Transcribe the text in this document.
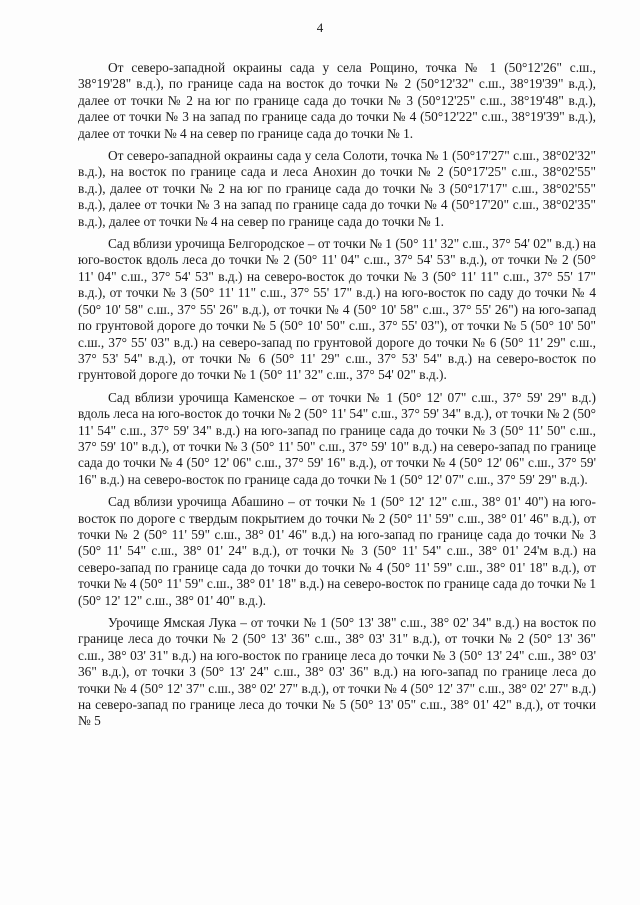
4

От северо-западной окраины сада у села Рощино, точка № 1 (50°12'26" с.ш., 38°19'28" в.д.), по границе сада на восток до точки № 2 (50°12'32" с.ш., 38°19'39" в.д.), далее от точки № 2 на юг по границе сада до точки № 3 (50°12'25" с.ш., 38°19'48" в.д.), далее от точки № 3 на запад по границе сада до точки № 4 (50°12'22" с.ш., 38°19'39" в.д.), далее от точки № 4 на север по границе сада до точки № 1.

От северо-западной окраины сада у села Солоти, точка № 1 (50°17'27" с.ш., 38°02'32" в.д.), на восток по границе сада и леса Анохин до точки № 2 (50°17'25" с.ш., 38°02'55" в.д.), далее от точки № 2 на юг по границе сада до точки № 3 (50°17'17" с.ш., 38°02'55" в.д.), далее от точки № 3 на запад по границе сада до точки № 4 (50°17'20" с.ш., 38°02'35" в.д.), далее от точки № 4 на север по границе сада до точки № 1.

Сад вблизи урочища Белгородское – от точки № 1 (50° 11' 32" с.ш., 37° 54' 02" в.д.) на юго-восток вдоль леса до точки № 2 (50° 11' 04" с.ш., 37° 54' 53" в.д.), от точки № 2 (50° 11' 04" с.ш., 37° 54' 53" в.д.) на северо-восток до точки № 3 (50° 11' 11" с.ш., 37° 55' 17" в.д.), от точки № 3 (50° 11' 11" с.ш., 37° 55' 17" в.д.) на юго-восток по саду до точки № 4 (50° 10' 58" с.ш., 37° 55' 26" в.д.), от точки № 4 (50° 10' 58" с.ш., 37° 55' 26") на юго-запад по грунтовой дороге до точки № 5 (50° 10' 50" с.ш., 37° 55' 03"), от точки № 5 (50° 10' 50" с.ш., 37° 55' 03" в.д.) на северо-запад по грунтовой дороге до точки № 6 (50° 11' 29" с.ш., 37° 53' 54" в.д.), от точки № 6 (50° 11' 29" с.ш., 37° 53' 54" в.д.) на северо-восток по грунтовой дороге до точки № 1 (50° 11' 32" с.ш., 37° 54' 02" в.д.).

Сад вблизи урочища Каменское – от точки № 1 (50° 12' 07" с.ш., 37° 59' 29" в.д.) вдоль леса на юго-восток до точки № 2 (50° 11' 54" с.ш., 37° 59' 34" в.д.), от точки № 2 (50° 11' 54" с.ш., 37° 59' 34" в.д.) на юго-запад по границе сада до точки № 3 (50° 11' 50" с.ш., 37° 59' 10" в.д.), от точки № 3 (50° 11' 50" с.ш., 37° 59' 10" в.д.) на северо-запад по границе сада до точки № 4 (50° 12' 06" с.ш., 37° 59' 16" в.д.), от точки № 4 (50° 12' 06" с.ш., 37° 59' 16" в.д.) на северо-восток по границе сада до точки № 1 (50° 12' 07" с.ш., 37° 59' 29" в.д.).

Сад вблизи урочища Абашино – от точки № 1 (50° 12' 12" с.ш., 38° 01' 40") на юго-восток по дороге с твердым покрытием до точки № 2 (50° 11' 59" с.ш., 38° 01' 46" в.д.), от точки № 2 (50° 11' 59" с.ш., 38° 01' 46" в.д.) на юго-запад по границе сада до точки № 3 (50° 11' 54" с.ш., 38° 01' 24" в.д.), от точки № 3 (50° 11' 54" с.ш., 38° 01' 24'м в.д.) на северо-запад по границе сада до точки до точки № 4 (50° 11' 59" с.ш., 38° 01' 18" в.д.), от точки № 4 (50° 11' 59" с.ш., 38° 01' 18" в.д.) на северо-восток по границе сада до точки № 1 (50° 12' 12" с.ш., 38° 01' 40" в.д.).

Урочище Ямская Лука – от точки № 1 (50° 13' 38" с.ш., 38° 02' 34" в.д.) на восток по границе леса до точки № 2 (50° 13' 36" с.ш., 38° 03' 31" в.д.), от точки № 2 (50° 13' 36" с.ш., 38° 03' 31" в.д.) на юго-восток по границе леса до точки № 3 (50° 13' 24" с.ш., 38° 03' 36" в.д.), от точки 3 (50° 13' 24" с.ш., 38° 03' 36" в.д.) на юго-запад по границе леса до точки № 4 (50° 12' 37" с.ш., 38° 02' 27" в.д.), от точки № 4 (50° 12' 37" с.ш., 38° 02' 27" в.д.) на северо-запад по границе леса до точки № 5 (50° 13' 05" с.ш., 38° 01' 42" в.д.), от точки № 5
